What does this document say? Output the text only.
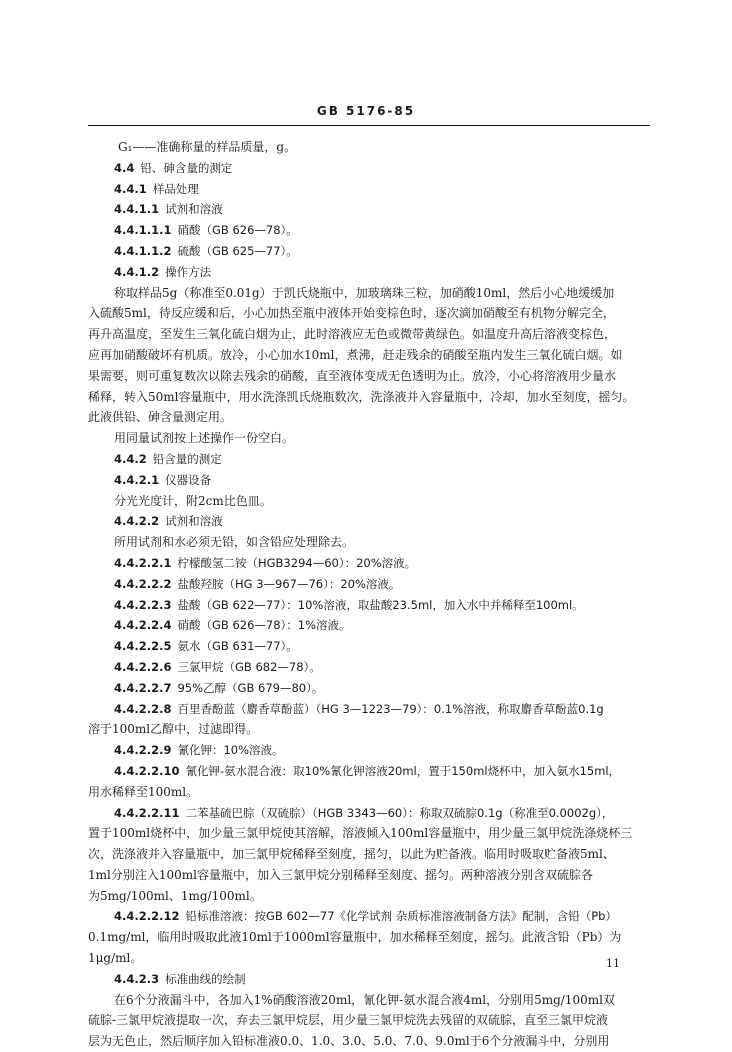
GB 5176-85
G₁——准确称量的样品质量，g。
4.4 铅、砷含量的测定
4.4.1 样品处理
4.4.1.1 试剂和溶液
4.4.1.1.1 硝酸（GB 626—78）。
4.4.1.1.2 硫酸（GB 625—77）。
4.4.1.2 操作方法
称取样品5g（称准至0.01g）于凯氏烧瓶中，加玻璃珠三粒，加硝酸10ml，然后小心地缓缓加
入硫酸5ml，待反应缓和后，小心加热至瓶中液体开始变棕色时，逐次滴加硝酸至有机物分解完全，
再升高温度，至发生三氧化硫白烟为止，此时溶液应无色或微带黄绿色。如温度升高后溶液变棕色，
应再加硝酸破坏有机质。放冷，小心加水10ml，煮沸，赶走残余的硝酸至瓶内发生三氧化硫白烟。如
果需要，则可重复数次以除去残余的硝酸，直至液体变成无色透明为止。放冷，小心将溶液用少量水
稀释，转入50ml容量瓶中，用水洗涤凯氏烧瓶数次，洗涤液并入容量瓶中，冷却，加水至刻度，摇匀。
此液供铅、砷含量测定用。
用同量试剂按上述操作一份空白。
4.4.2 铅含量的测定
4.4.2.1 仪器设备
分光光度计，附2cm比色皿。
4.4.2.2 试剂和溶液
所用试剂和水必须无铅，如含铅应处理除去。
4.4.2.2.1 柠檬酸氢二铵（HGB3294—60）：20%溶液。
4.4.2.2.2 盐酸羟胺（HG 3—967—76）：20%溶液。
4.4.2.2.3 盐酸（GB 622—77）：10%溶液，取盐酸23.5ml，加入水中并稀释至100ml。
4.4.2.2.4 硝酸（GB 626—78）：1%溶液。
4.4.2.2.5 氨水（GB 631—77）。
4.4.2.2.6 三氯甲烷（GB 682—78）。
4.4.2.2.7 95%乙醇（GB 679—80）。
4.4.2.2.8 百里香酚蓝（麝香草酚蓝）（HG 3—1223—79）：0.1%溶液，称取麝香草酚蓝0.1g
溶于100ml乙醇中，过滤即得。
4.4.2.2.9 氰化钾：10%溶液。
4.4.2.2.10 氰化钾-氨水混合液：取10%氰化钾溶液20ml，置于150ml烧杯中，加入氨水15ml，
用水稀释至100ml。
4.4.2.2.11 二苯基硫巴腙（双硫腙）（HGB 3343—60）：称取双硫腙0.1g（称准至0.0002g），
置于100ml烧杯中，加少量三氯甲烷使其溶解，溶液倾入100ml容量瓶中，用少量三氯甲烷洗涤烧杯三
次，洗涤液并入容量瓶中，加三氯甲烷稀释至刻度，摇匀，以此为贮备液。临用时吸取贮备液5ml、
1ml分别注入100ml容量瓶中，加入三氯甲烷分别稀释至刻度、摇匀。两种溶液分别含双硫腙各
为5mg/100ml、1mg/100ml。
4.4.2.2.12 铅标准溶液：按GB 602—77《化学试剂 杂质标准溶液制备方法》配制，含铅（Pb）
0.1mg/ml，临用时吸取此液10ml于1000ml容量瓶中，加水稀释至刻度，摇匀。此液含铅（Pb）为
1μg/ml。
4.4.2.3 标准曲线的绘制
在6个分液漏斗中，各加入1%硝酸溶液20ml，氰化钾-氨水混合液4ml，分别用5mg/100ml双
硫腙-三氯甲烷液提取一次，弃去三氯甲烷层，用少量三氯甲烷洗去残留的双硫腙，直至三氯甲烷液
层为无色止，然后顺序加入铅标准液0.0、1.0、3.0、5.0、7.0、9.0ml于6个分液漏斗中，分别用
11
